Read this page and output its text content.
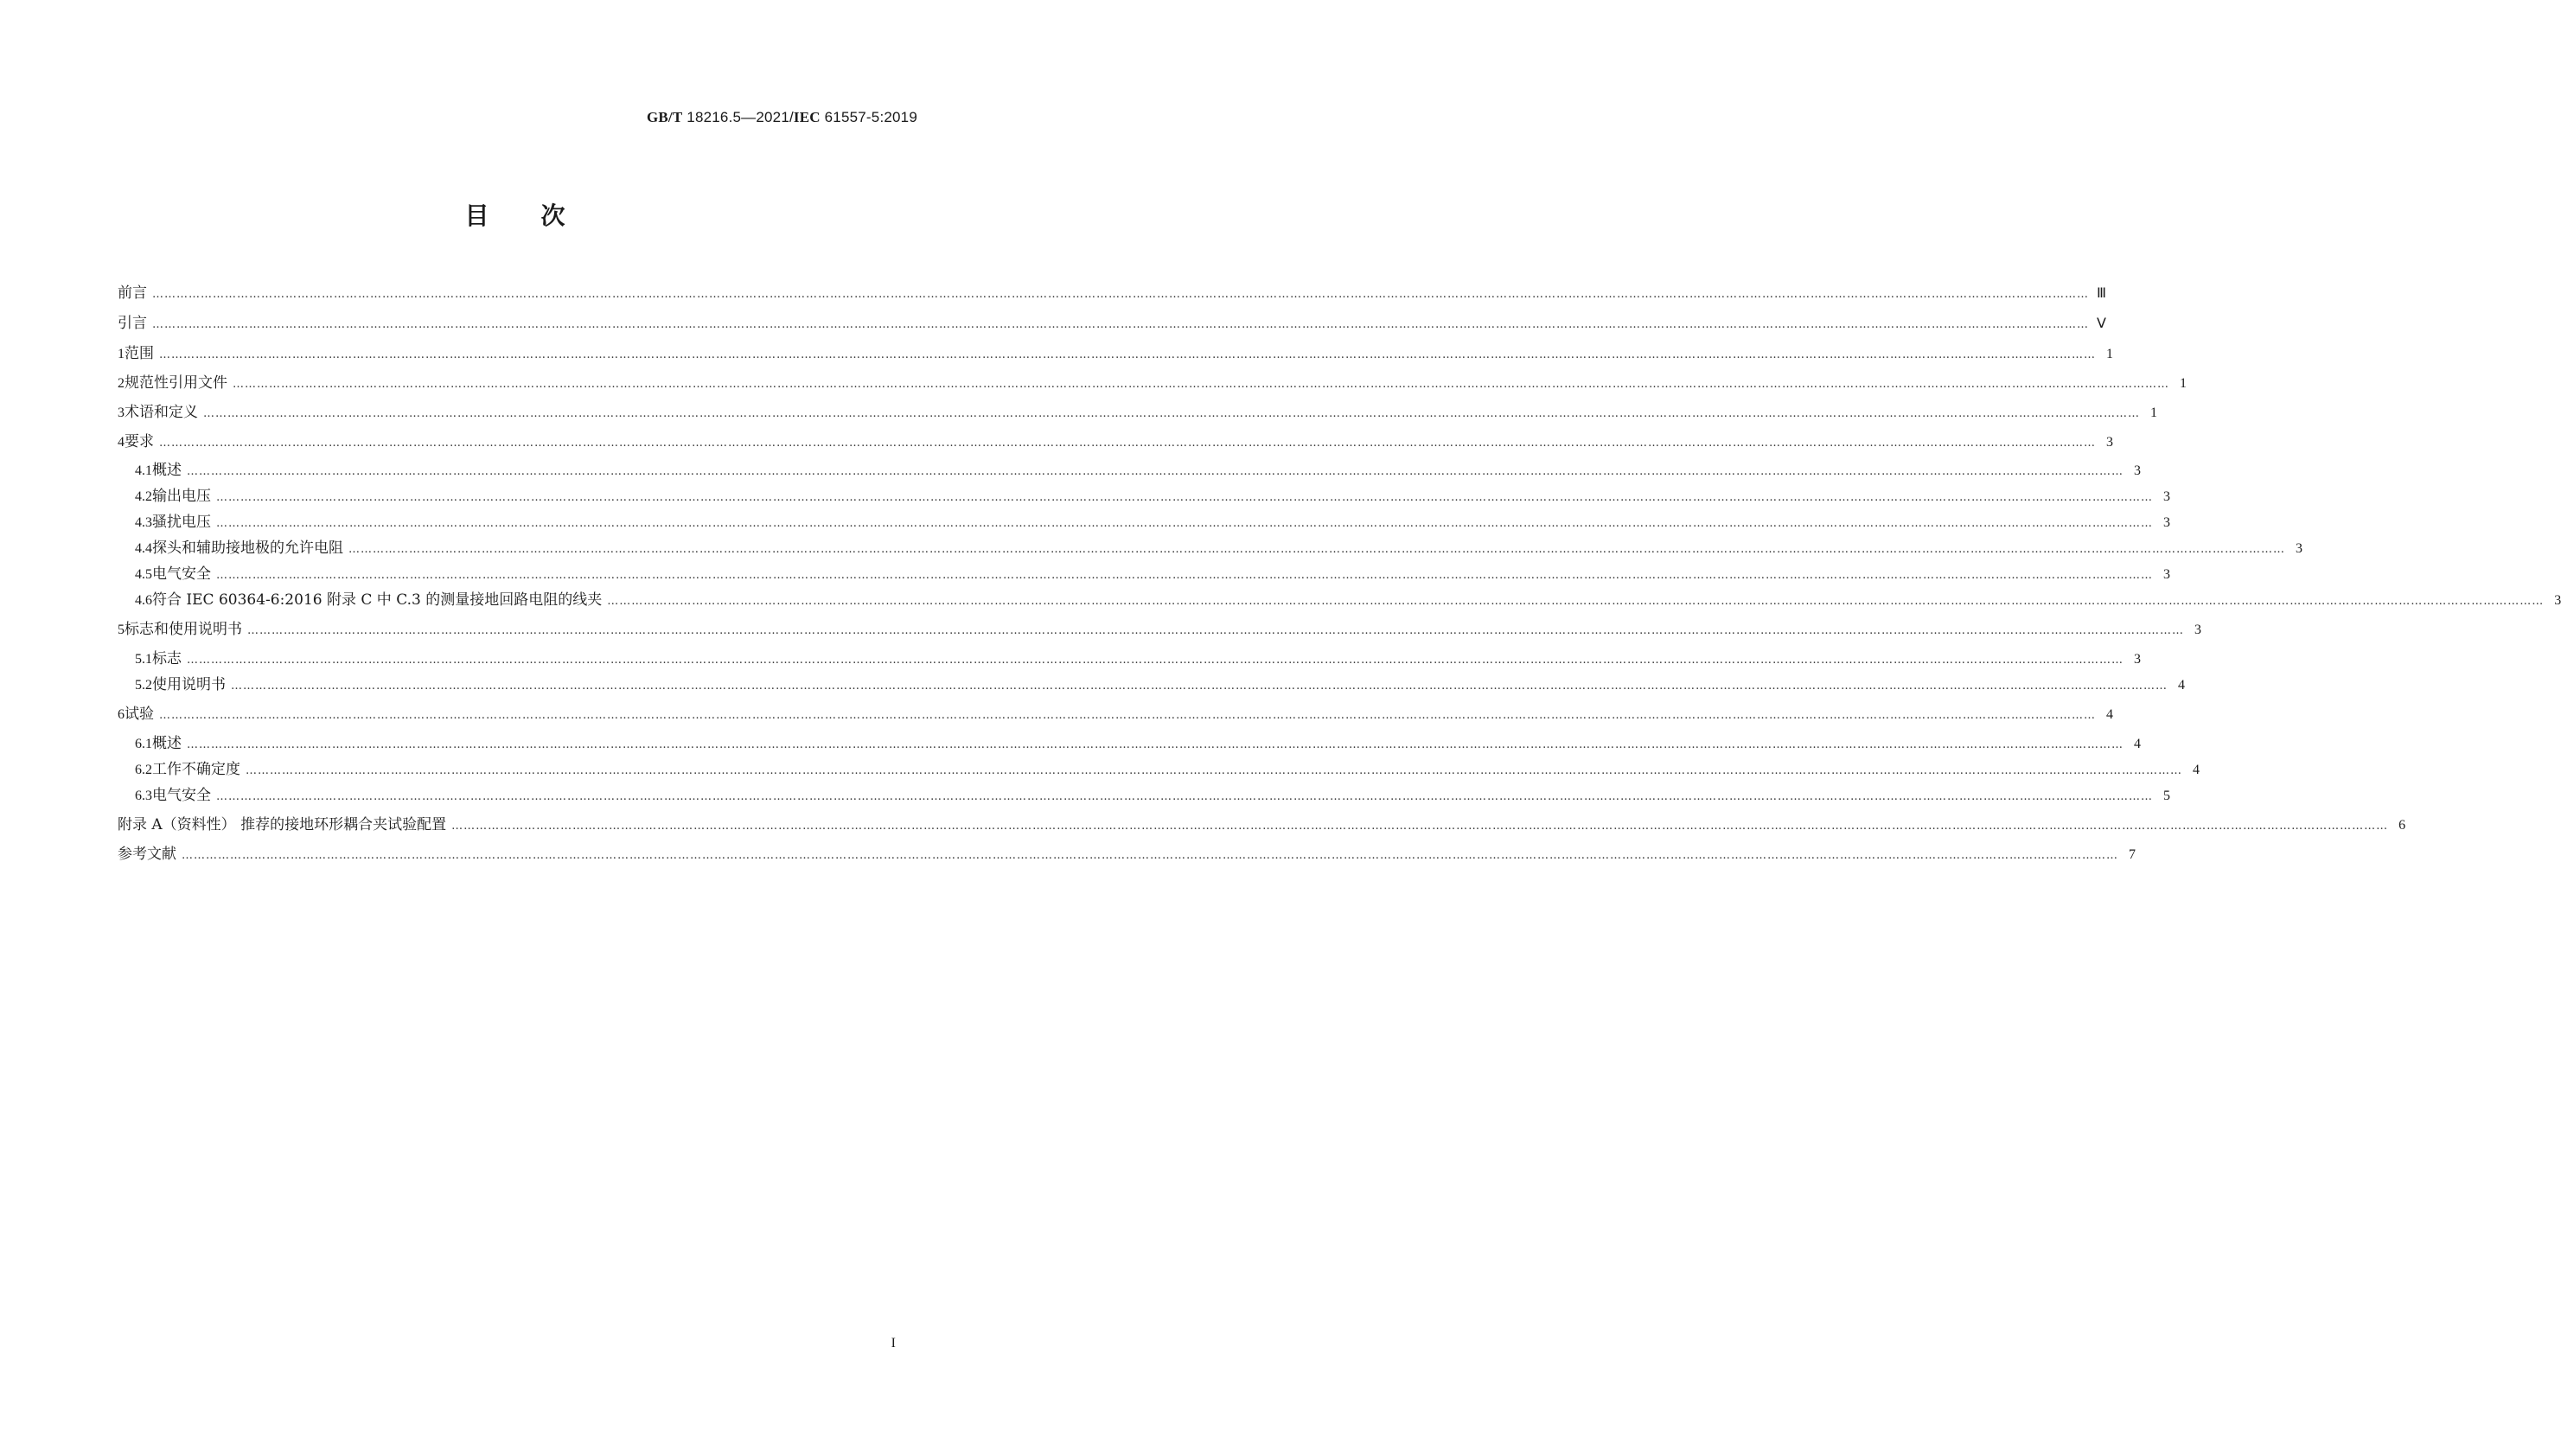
GB/T 18216.5—2021/IEC 61557-5:2019
目次
前言 ………………………………………………………………………………………………………………………………………………………………………………………………………………………………………………………………………………………………………………………………………………………………………………………………………………………………………… Ⅲ
引言 ………………………………………………………………………………………………………………………………………………………………………………………………………………………………………………………………………………………………………………………………………………………………………………………………………………………………………… Ⅴ
1 范围 ………………………………………………………………………………………………………………………………………………………………………………………………………………………………………………………………………………………………………………………………………………………………………………………………………………………………………… 1
2 规范性引用文件 ………………………………………………………………………………………………………………………………………………………………………………………………………………………………………………………………………………………………………………………………………………………………………………………………………………………………………… 1
3 术语和定义 ………………………………………………………………………………………………………………………………………………………………………………………………………………………………………………………………………………………………………………………………………………………………………………………………………………………………………… 1
4 要求 ………………………………………………………………………………………………………………………………………………………………………………………………………………………………………………………………………………………………………………………………………………………………………………………………………………………………………… 3
4.1 概述 ………………………………………………………………………………………………………………………………………………………………………………………………………………………………………………………………………………………………………………………………………………………………………………………………………………………………………… 3
4.2 输出电压 ………………………………………………………………………………………………………………………………………………………………………………………………………………………………………………………………………………………………………………………………………………………………………………………………………………………………………… 3
4.3 骚扰电压 ………………………………………………………………………………………………………………………………………………………………………………………………………………………………………………………………………………………………………………………………………………………………………………………………………………………………………… 3
4.4 探头和辅助接地极的允许电阻 ………………………………………………………………………………………………………………………………………………………………………………………………………………………………………………………………………………………………………………………………………………………………………………………………………………………………………… 3
4.5 电气安全 ………………………………………………………………………………………………………………………………………………………………………………………………………………………………………………………………………………………………………………………………………………………………………………………………………………………………………… 3
4.6 符合 IEC 60364-6:2016 附录 C 中 C.3 的测量接地回路电阻的线夹 ………………………………………………………………………………………………………………………………………………………………………………………………………………………………………………………………………………………………………………………………………………………………………………………………………………………………………… 3
5 标志和使用说明书 ………………………………………………………………………………………………………………………………………………………………………………………………………………………………………………………………………………………………………………………………………………………………………………………………………………………………………… 3
5.1 标志 ………………………………………………………………………………………………………………………………………………………………………………………………………………………………………………………………………………………………………………………………………………………………………………………………………………………………………… 3
5.2 使用说明书 ………………………………………………………………………………………………………………………………………………………………………………………………………………………………………………………………………………………………………………………………………………………………………………………………………………………………………… 4
6 试验 ………………………………………………………………………………………………………………………………………………………………………………………………………………………………………………………………………………………………………………………………………………………………………………………………………………………………………… 4
6.1 概述 ………………………………………………………………………………………………………………………………………………………………………………………………………………………………………………………………………………………………………………………………………………………………………………………………………………………………………… 4
6.2 工作不确定度 ………………………………………………………………………………………………………………………………………………………………………………………………………………………………………………………………………………………………………………………………………………………………………………………………………………………………………… 4
6.3 电气安全 ………………………………………………………………………………………………………………………………………………………………………………………………………………………………………………………………………………………………………………………………………………………………………………………………………………………………………… 5
附录 A（资料性） 推荐的接地环形耦合夹试验配置 ………………………………………………………………………………………………………………………………………………………………………………………………………………………………………………………………………………………………………………………………………………………………………………………………………………………………………… 6
参考文献 ………………………………………………………………………………………………………………………………………………………………………………………………………………………………………………………………………………………………………………………………………………………………………………………………………………………………………… 7
I
